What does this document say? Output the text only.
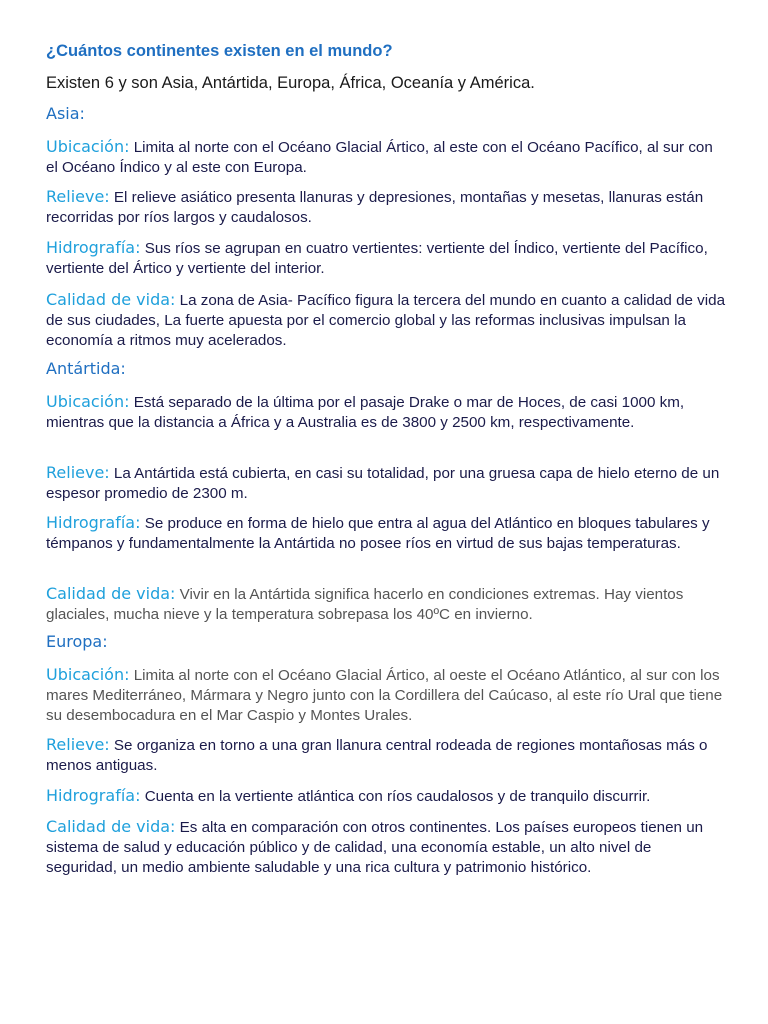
¿Cuántos continentes existen en el mundo?
Existen 6 y son Asia, Antártida, Europa, África, Oceanía y América.
Asia:
Ubicación: Limita al norte con el Océano Glacial Ártico, al este con el Océano Pacífico, al sur con el Océano Índico y al este con Europa.
Relieve: El relieve asiático presenta llanuras y depresiones, montañas y mesetas, llanuras están recorridas por ríos largos y caudalosos.
Hidrografía: Sus ríos se agrupan en cuatro vertientes: vertiente del Índico, vertiente del Pacífico, vertiente del Ártico y vertiente del interior.
Calidad de vida: La zona de Asia- Pacífico figura la tercera del mundo en cuanto a calidad de vida de sus ciudades, La fuerte apuesta por el comercio global y las reformas inclusivas impulsan la economía a ritmos muy acelerados.
Antártida:
Ubicación: Está separado de la última por el pasaje Drake o mar de Hoces, de casi 1000 km, mientras que la distancia a África y a Australia es de 3800 y 2500 km, respectivamente.
Relieve: La Antártida está cubierta, en casi su totalidad, por una gruesa capa de hielo eterno de un espesor promedio de 2300 m.
Hidrografía: Se produce en forma de hielo que entra al agua del Atlántico en bloques tabulares y témpanos y fundamentalmente la Antártida no posee ríos en virtud de sus bajas temperaturas.
Calidad de vida: Vivir en la Antártida significa hacerlo en condiciones extremas. Hay vientos glaciales, mucha nieve y la temperatura sobrepasa los 40ºC en invierno.
Europa:
Ubicación: Limita al norte con el Océano Glacial Ártico, al oeste el Océano Atlántico, al sur con los mares Mediterráneo, Mármara y Negro junto con la Cordillera del Caúcaso, al este río Ural que tiene su desembocadura en el Mar Caspio y Montes Urales.
Relieve: Se organiza en torno a una gran llanura central rodeada de regiones montañosas más o menos antiguas.
Hidrografía: Cuenta en la vertiente atlántica con ríos caudalosos y de tranquilo discurrir.
Calidad de vida: Es alta en comparación con otros continentes. Los países europeos tienen un sistema de salud y educación público y de calidad, una economía estable, un alto nivel de seguridad, un medio ambiente saludable y una rica cultura y patrimonio histórico.
